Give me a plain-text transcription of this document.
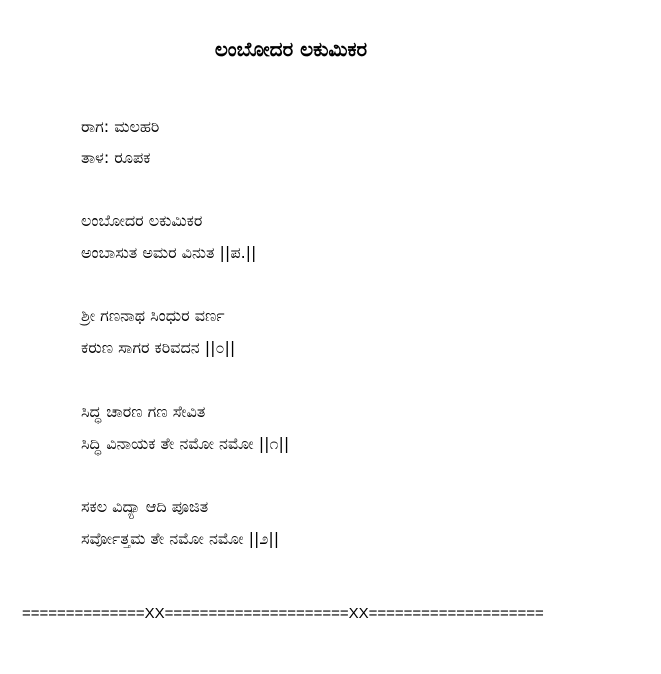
ಲಂಬೋದರ ಲಕುಮಿಕರ
ರಾಗ: ಮಲಹರಿ
ತಾಳ: ರೂಪಕ
ಲಂಬೋದರ ಲಕುಮಿಕರ
ಅಂಬಾಸುತ ಅಮರ ವಿನುತ ||ಪ.||
ಶ್ರೀ ಗಣನಾಥ ಸಿಂಧುರ ವರ್ಣ
ಕರುಣ ಸಾಗರ ಕರಿವದನ ||೦||
ಸಿದ್ಧ ಚಾರಣ ಗಣ ಸೇವಿತ
ಸಿದ್ಧಿ ವಿನಾಯಕ ತೇ ನಮೋ ನಮೋ ||೧||
ಸಕಲ ವಿದ್ಯಾ ಆದಿ ಪೂಜಿತ
ಸರ್ವೋತ್ತಮ ತೇ ನಮೋ ನಮೋ ||೨||
==============XX=====================XX====================
